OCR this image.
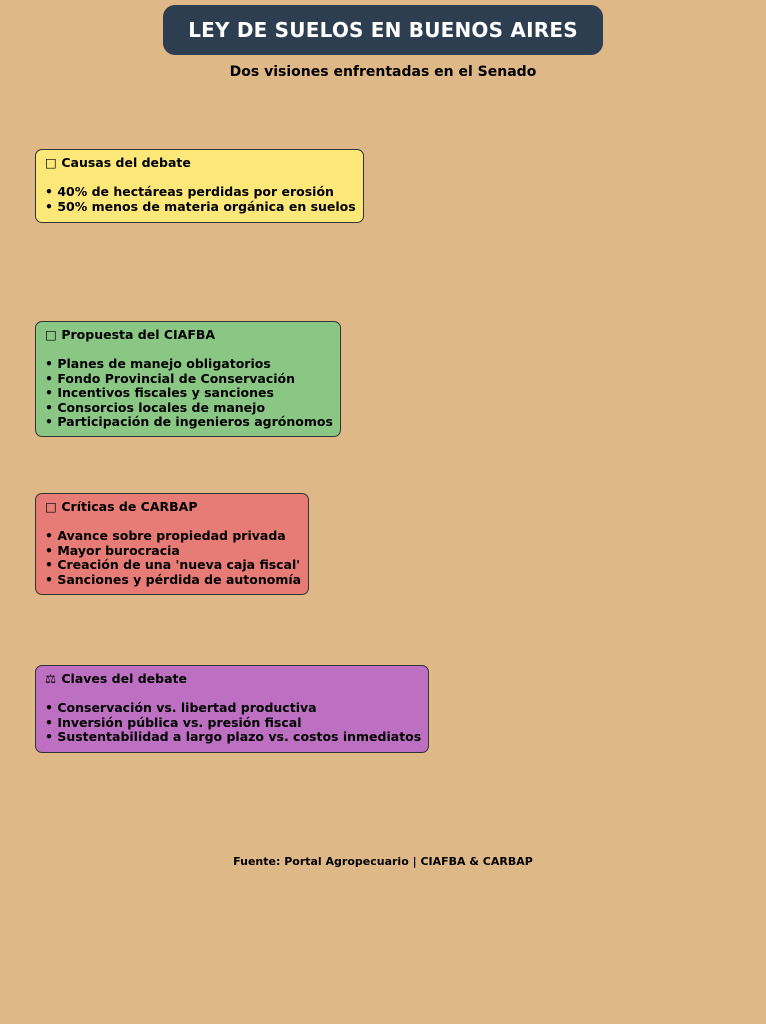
LEY DE SUELOS EN BUENOS AIRES
Dos visiones enfrentadas en el Senado
□ Causas del debate
• 40% de hectáreas perdidas por erosión
• 50% menos de materia orgánica en suelos
□ Propuesta del CIAFBA
• Planes de manejo obligatorios
• Fondo Provincial de Conservación
• Incentivos fiscales y sanciones
• Consorcios locales de manejo
• Participación de ingenieros agrónomos
□ Críticas de CARBAP
• Avance sobre propiedad privada
• Mayor burocracia
• Creación de una 'nueva caja fiscal'
• Sanciones y pérdida de autonomía
⚖ Claves del debate
• Conservación vs. libertad productiva
• Inversión pública vs. presión fiscal
• Sustentabilidad a largo plazo vs. costos inmediatos
Fuente: Portal Agropecuario | CIAFBA & CARBAP
